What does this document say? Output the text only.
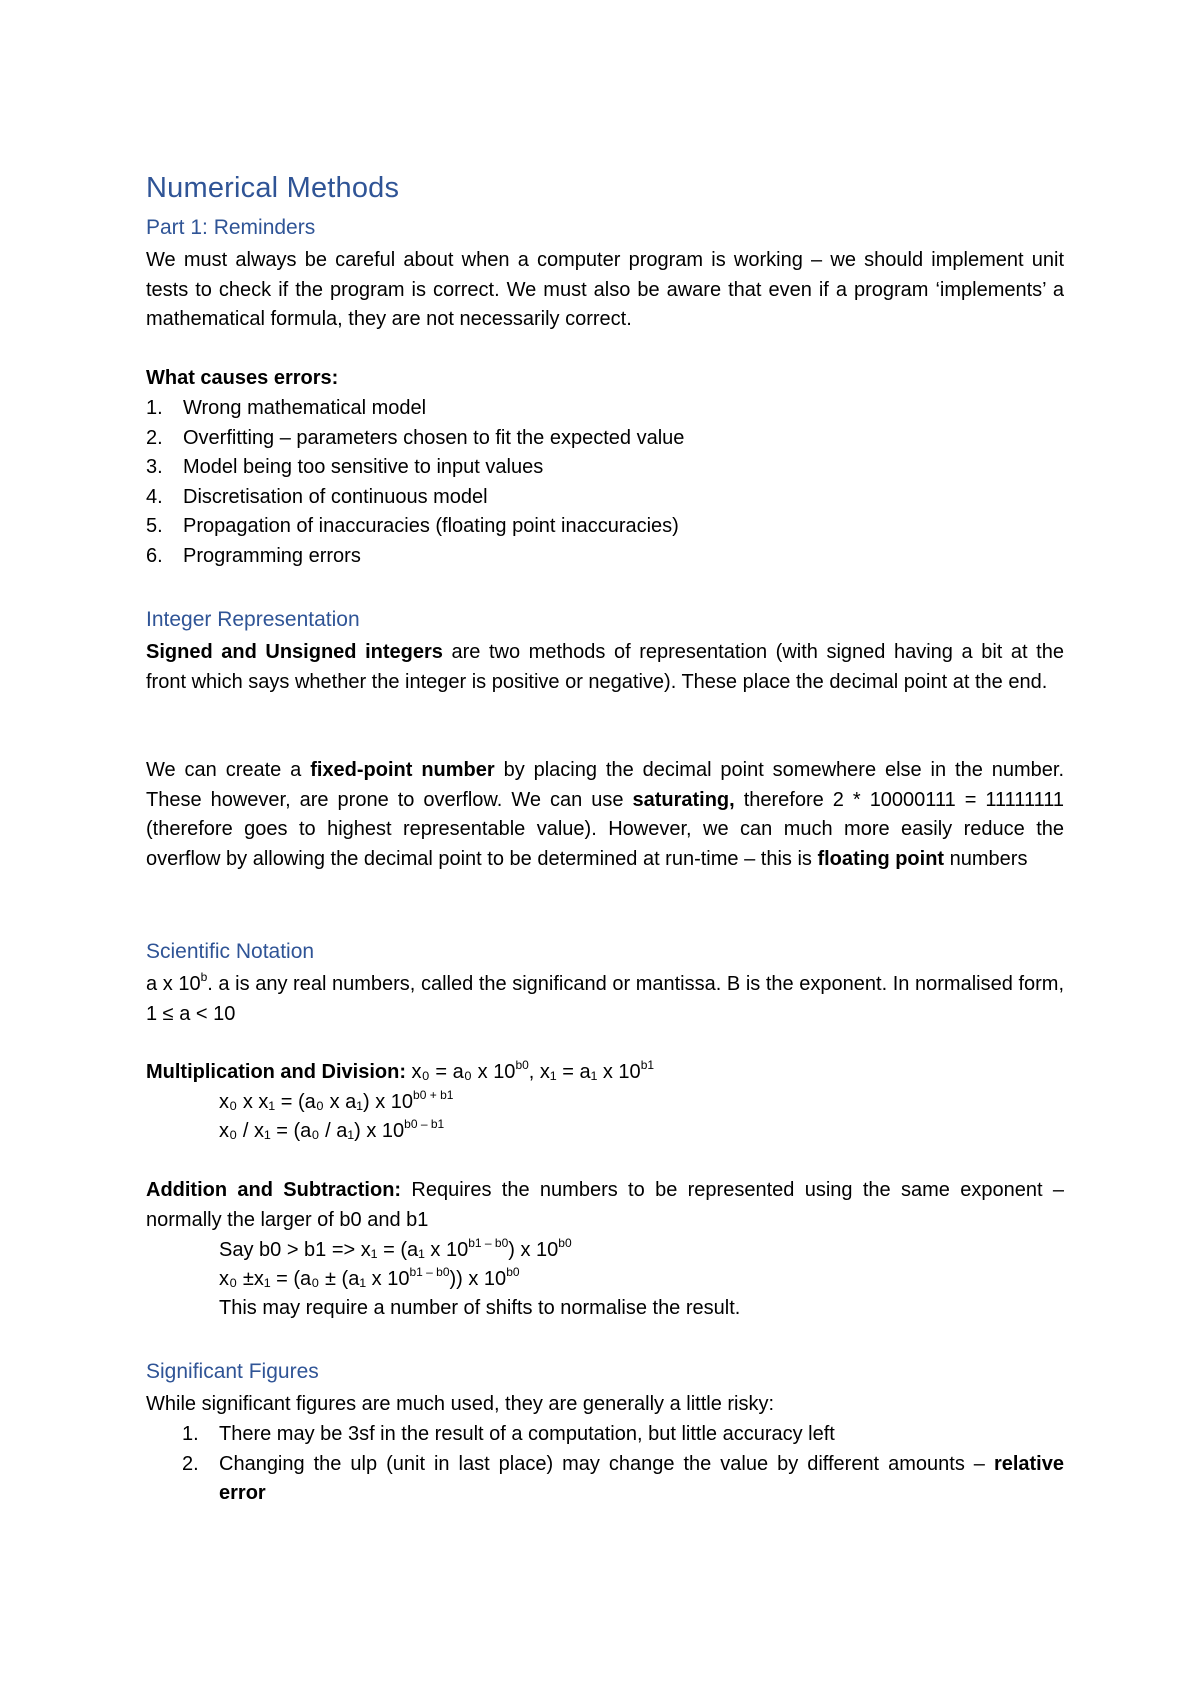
Numerical Methods
Part 1: Reminders
We must always be careful about when a computer program is working – we should implement unit tests to check if the program is correct. We must also be aware that even if a program ‘implements’ a mathematical formula, they are not necessarily correct.
What causes errors:
1. Wrong mathematical model
2. Overfitting – parameters chosen to fit the expected value
3. Model being too sensitive to input values
4. Discretisation of continuous model
5. Propagation of inaccuracies (floating point inaccuracies)
6. Programming errors
Integer Representation
Signed and Unsigned integers are two methods of representation (with signed having a bit at the front which says whether the integer is positive or negative). These place the decimal point at the end.
We can create a fixed-point number by placing the decimal point somewhere else in the number. These however, are prone to overflow. We can use saturating, therefore 2 * 10000111 = 11111111 (therefore goes to highest representable value). However, we can much more easily reduce the overflow by allowing the decimal point to be determined at run-time – this is floating point numbers
Scientific Notation
a x 10$^b$. a is any real numbers, called the significand or mantissa. B is the exponent. In normalised form, 1 ≤ a < 10
Multiplication and Division: x₀ = a₀ x $10^{b0}$, x₁ = a₁ x $10^{b1}$
x₀ x x₁ = (a₀ x a₁) x $10^{b0 + b1}$
x₀ / x₁ = (a₀ / a₁) x $10^{b0 - b1}$
Addition and Subtraction: Requires the numbers to be represented using the same exponent – normally the larger of b0 and b1
Say b0 > b1 => x₁ = (a₁ x $10^{b1 - b0}$) x $10^{b0}$
x₀ ±x₁ = (a₀ ± (a₁ x $10^{b1 - b0}$)) x $10^{b0}$
This may require a number of shifts to normalise the result.
Significant Figures
While significant figures are much used, they are generally a little risky:
1. There may be 3sf in the result of a computation, but little accuracy left
2. Changing the ulp (unit in last place) may change the value by different amounts – relative error
